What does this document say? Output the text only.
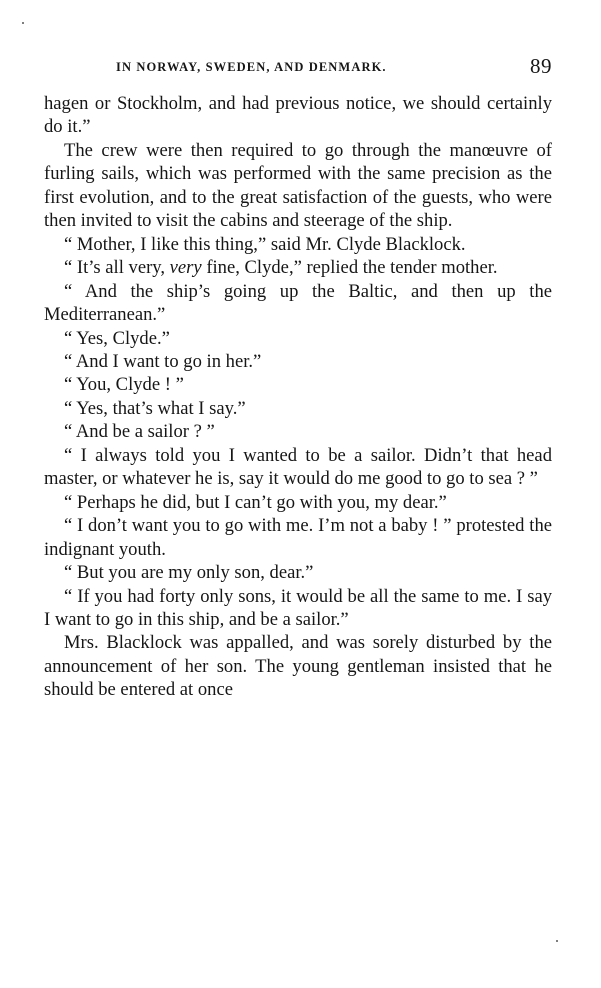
IN NORWAY, SWEDEN, AND DENMARK.	89

hagen or Stockholm, and had previous notice, we should certainly do it.”

The crew were then required to go through the manœuvre of furling sails, which was performed with the same precision as the first evolution, and to the great satisfaction of the guests, who were then invited to visit the cabins and steerage of the ship.

“ Mother, I like this thing,” said Mr. Clyde Blacklock.

“ It’s all very, very fine, Clyde,” replied the tender mother.

“ And the ship’s going up the Baltic, and then up the Mediterranean.”

“ Yes, Clyde.”

“ And I want to go in her.”

“ You, Clyde ! ”

“ Yes, that’s what I say.”

“ And be a sailor ? ”

“ I always told you I wanted to be a sailor. Didn’t that head master, or whatever he is, say it would do me good to go to sea ? ”

“ Perhaps he did, but I can’t go with you, my dear.”

“ I don’t want you to go with me. I’m not a baby ! ” protested the indignant youth.

“ But you are my only son, dear.”

“ If you had forty only sons, it would be all the same to me. I say I want to go in this ship, and be a sailor.”

Mrs. Blacklock was appalled, and was sorely disturbed by the announcement of her son. The young gentleman insisted that he should be entered at once
